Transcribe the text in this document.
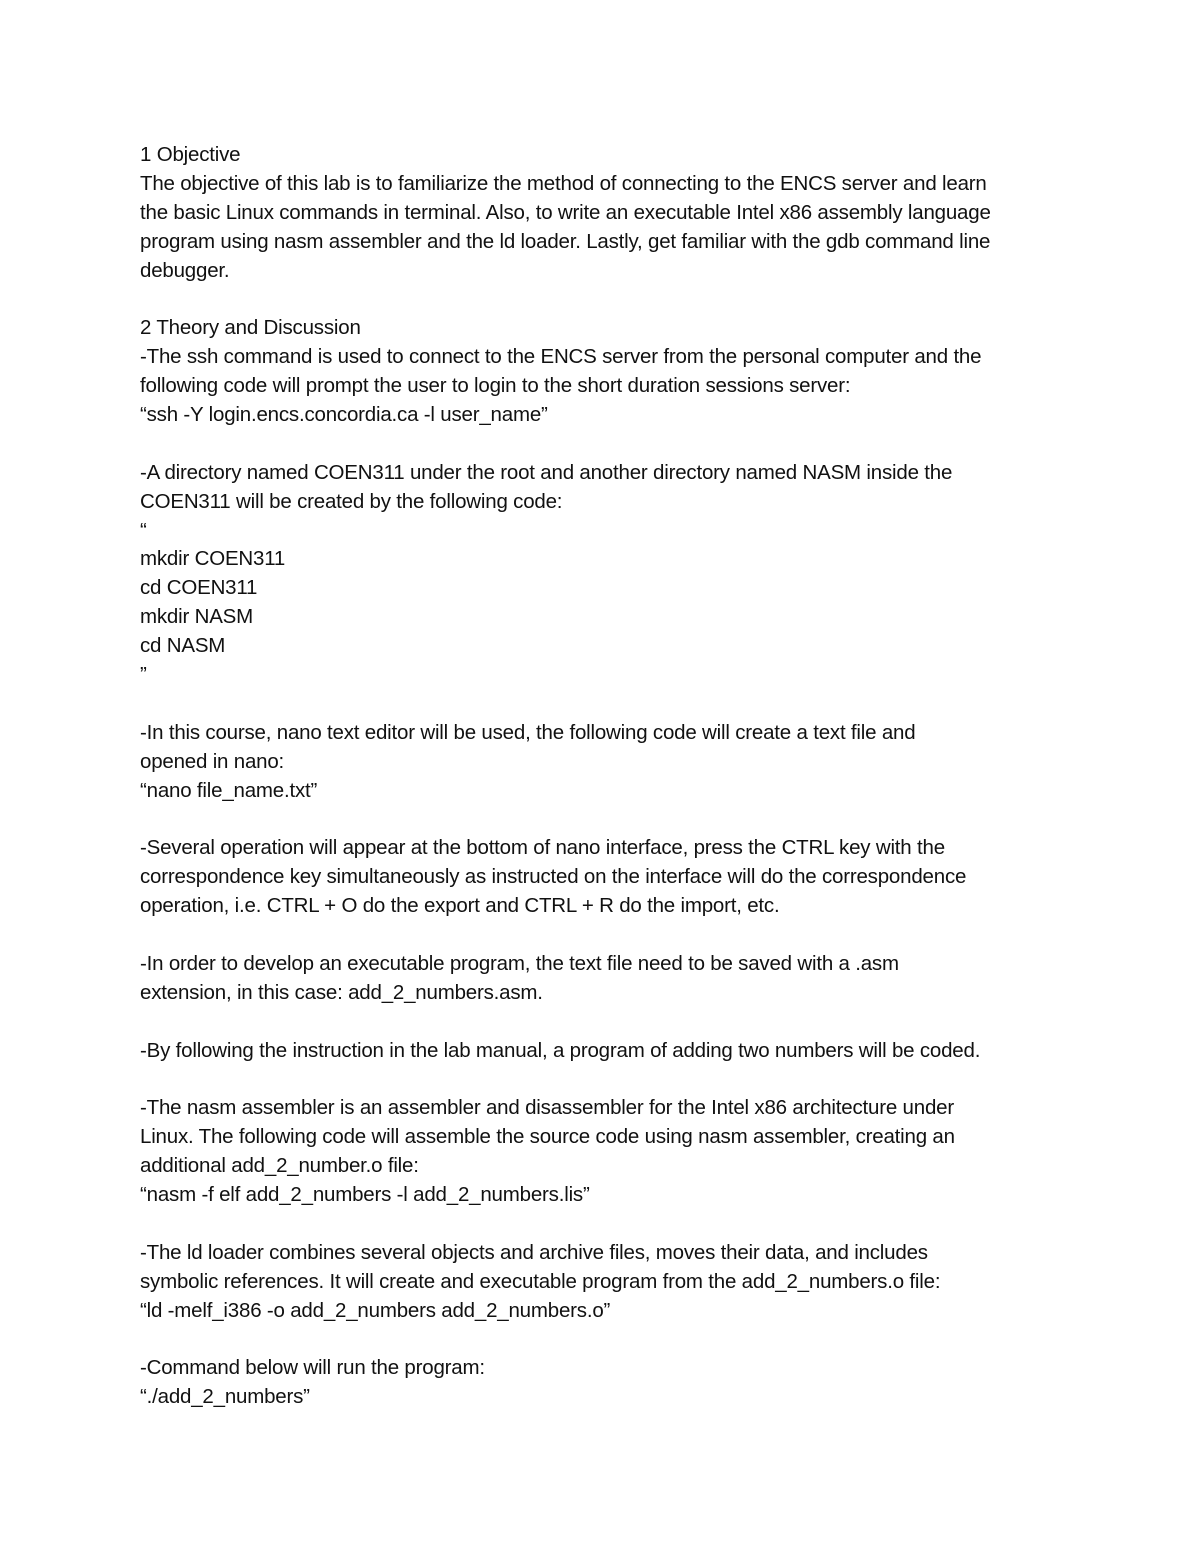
1 Objective
The objective of this lab is to familiarize the method of connecting to the ENCS server and learn
the basic Linux commands in terminal. Also, to write an executable Intel x86 assembly language
program using nasm assembler and the ld loader. Lastly, get familiar with the gdb command line
debugger.
2 Theory and Discussion
-The ssh command is used to connect to the ENCS server from the personal computer and the
following code will prompt the user to login to the short duration sessions server:
“ssh -Y login.encs.concordia.ca -l user_name”
-A directory named COEN311 under the root and another directory named NASM inside the
COEN311 will be created by the following code:
“
mkdir COEN311
cd COEN311
mkdir NASM
cd NASM
”
-In this course, nano text editor will be used, the following code will create a text file and
opened in nano:
“nano file_name.txt”
-Several operation will appear at the bottom of nano interface, press the CTRL key with the
correspondence key simultaneously as instructed on the interface will do the correspondence
operation, i.e. CTRL + O do the export and CTRL + R do the import, etc.
-In order to develop an executable program, the text file need to be saved with a .asm
extension, in this case: add_2_numbers.asm.
-By following the instruction in the lab manual, a program of adding two numbers will be coded.
-The nasm assembler is an assembler and disassembler for the Intel x86 architecture under
Linux. The following code will assemble the source code using nasm assembler, creating an
additional add_2_number.o file:
“nasm -f elf add_2_numbers -l add_2_numbers.lis”
-The ld loader combines several objects and archive files, moves their data, and includes
symbolic references. It will create and executable program from the add_2_numbers.o file:
“ld -melf_i386 -o add_2_numbers add_2_numbers.o”
-Command below will run the program:
“./add_2_numbers”
